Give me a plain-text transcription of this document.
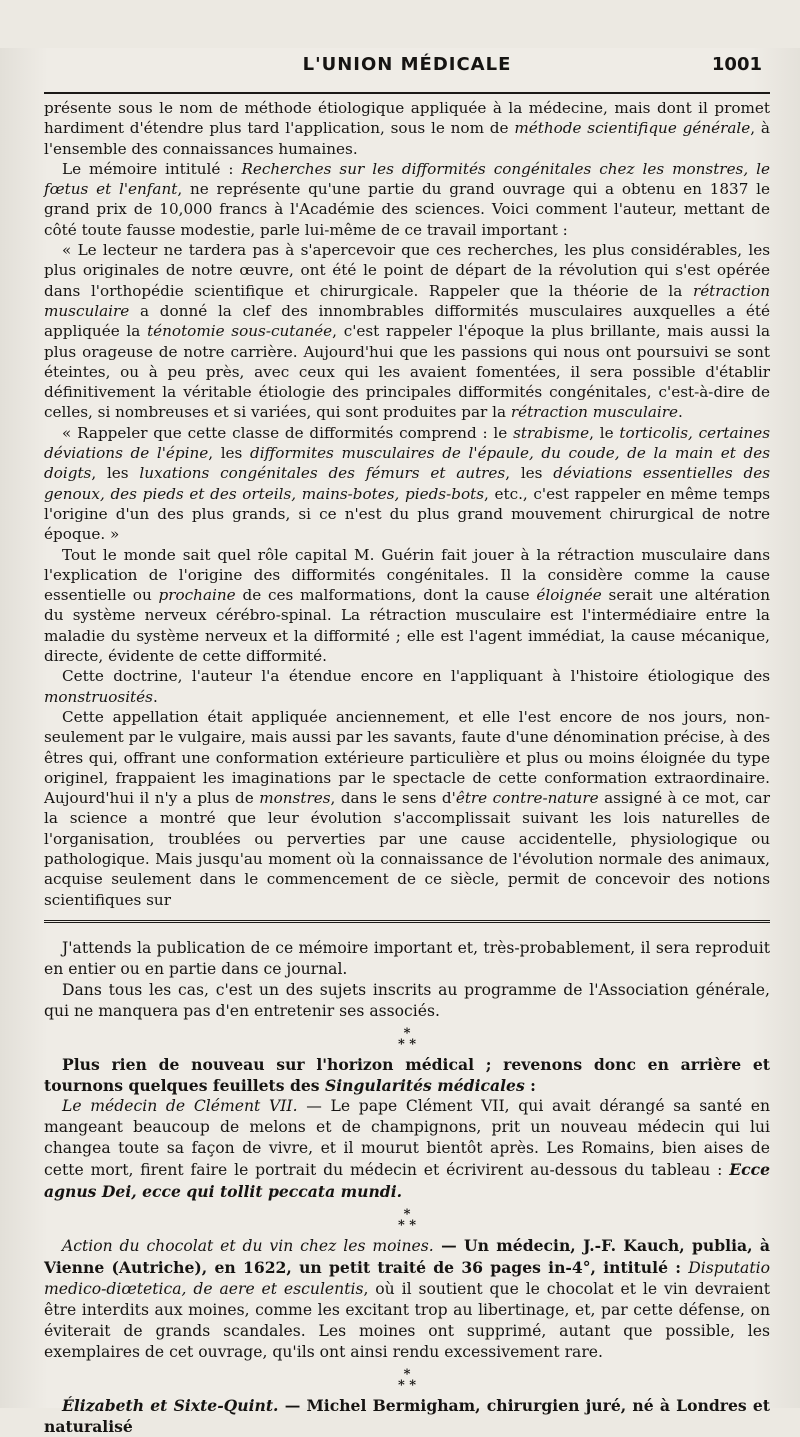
L'UNION MÉDICALE	1001

présente sous le nom de méthode étiologique appliquée à la médecine, mais dont il promet hardiment d'étendre plus tard l'application, sous le nom de méthode scientifique générale, à l'ensemble des connaissances humaines.

Le mémoire intitulé : Recherches sur les difformités congénitales chez les monstres, le fœtus et l'enfant, ne représente qu'une partie du grand ouvrage qui a obtenu en 1837 le grand prix de 10,000 francs à l'Académie des sciences. Voici comment l'auteur, mettant de côté toute fausse modestie, parle lui-même de ce travail important :

« Le lecteur ne tardera pas à s'apercevoir que ces recherches, les plus considérables, les plus originales de notre œuvre, ont été le point de départ de la révolution qui s'est opérée dans l'orthopédie scientifique et chirurgicale. Rappeler que la théorie de la rétraction musculaire a donné la clef des innombrables difformités musculaires auxquelles a été appliquée la ténotomie sous-cutanée, c'est rappeler l'époque la plus brillante, mais aussi la plus orageuse de notre carrière. Aujourd'hui que les passions qui nous ont poursuivi se sont éteintes, ou à peu près, avec ceux qui les avaient fomentées, il sera possible d'établir définitivement la véritable étiologie des principales difformités congénitales, c'est-à-dire de celles, si nombreuses et si variées, qui sont produites par la rétraction musculaire.

« Rappeler que cette classe de difformités comprend : le strabisme, le torticolis, certaines déviations de l'épine, les difformites musculaires de l'épaule, du coude, de la main et des doigts, les luxations congénitales des fémurs et autres, les déviations essentielles des genoux, des pieds et des orteils, mains-botes, pieds-bots, etc., c'est rappeler en même temps l'origine d'un des plus grands, si ce n'est du plus grand mouvement chirurgical de notre époque. »

Tout le monde sait quel rôle capital M. Guérin fait jouer à la rétraction musculaire dans l'explication de l'origine des difformités congénitales. Il la considère comme la cause essentielle ou prochaine de ces malformations, dont la cause éloignée serait une altération du système nerveux cérébro-spinal. La rétraction musculaire est l'intermédiaire entre la maladie du système nerveux et la difformité ; elle est l'agent immédiat, la cause mécanique, directe, évidente de cette difformité.

Cette doctrine, l'auteur l'a étendue encore en l'appliquant à l'histoire étiologique des monstruosités.

Cette appellation était appliquée anciennement, et elle l'est encore de nos jours, non-seulement par le vulgaire, mais aussi par les savants, faute d'une dénomination précise, à des êtres qui, offrant une conformation extérieure particulière et plus ou moins éloignée du type originel, frappaient les imaginations par le spectacle de cette conformation extraordinaire. Aujourd'hui il n'y a plus de monstres, dans le sens d'être contre-nature assigné à ce mot, car la science a montré que leur évolution s'accomplissait suivant les lois naturelles de l'organisation, troublées ou perverties par une cause accidentelle, physiologique ou pathologique. Mais jusqu'au moment où la connaissance de l'évolution normale des animaux, acquise seulement dans le commencement de ce siècle, permit de concevoir des notions scientifiques sur

J'attends la publication de ce mémoire important et, très-probablement, il sera reproduit en entier ou en partie dans ce journal.

Dans tous les cas, c'est un des sujets inscrits au programme de l'Association générale, qui ne manquera pas d'en entretenir ses associés.

*
* *

Plus rien de nouveau sur l'horizon médical ; revenons donc en arrière et tournons quelques feuillets des Singularités médicales :

Le médecin de Clément VII. — Le pape Clément VII, qui avait dérangé sa santé en mangeant beaucoup de melons et de champignons, prit un nouveau médecin qui lui changea toute sa façon de vivre, et il mourut bientôt après. Les Romains, bien aises de cette mort, firent faire le portrait du médecin et écrivirent au-dessous du tableau : Ecce agnus Dei, ecce qui tollit peccata mundi.

*
* *

Action du chocolat et du vin chez les moines. — Un médecin, J.-F. Kauch, publia, à Vienne (Autriche), en 1622, un petit traité de 36 pages in-4°, intitulé : Disputatio medico-diœtetica, de aere et esculentis, où il soutient que le chocolat et le vin devraient être interdits aux moines, comme les excitant trop au libertinage, et, par cette défense, on éviterait de grands scandales. Les moines ont supprimé, autant que possible, les exemplaires de cet ouvrage, qu'ils ont ainsi rendu excessivement rare.

*
* *

Élizabeth et Sixte-Quint. — Michel Bermigham, chirurgien juré, né à Londres et naturalisé
